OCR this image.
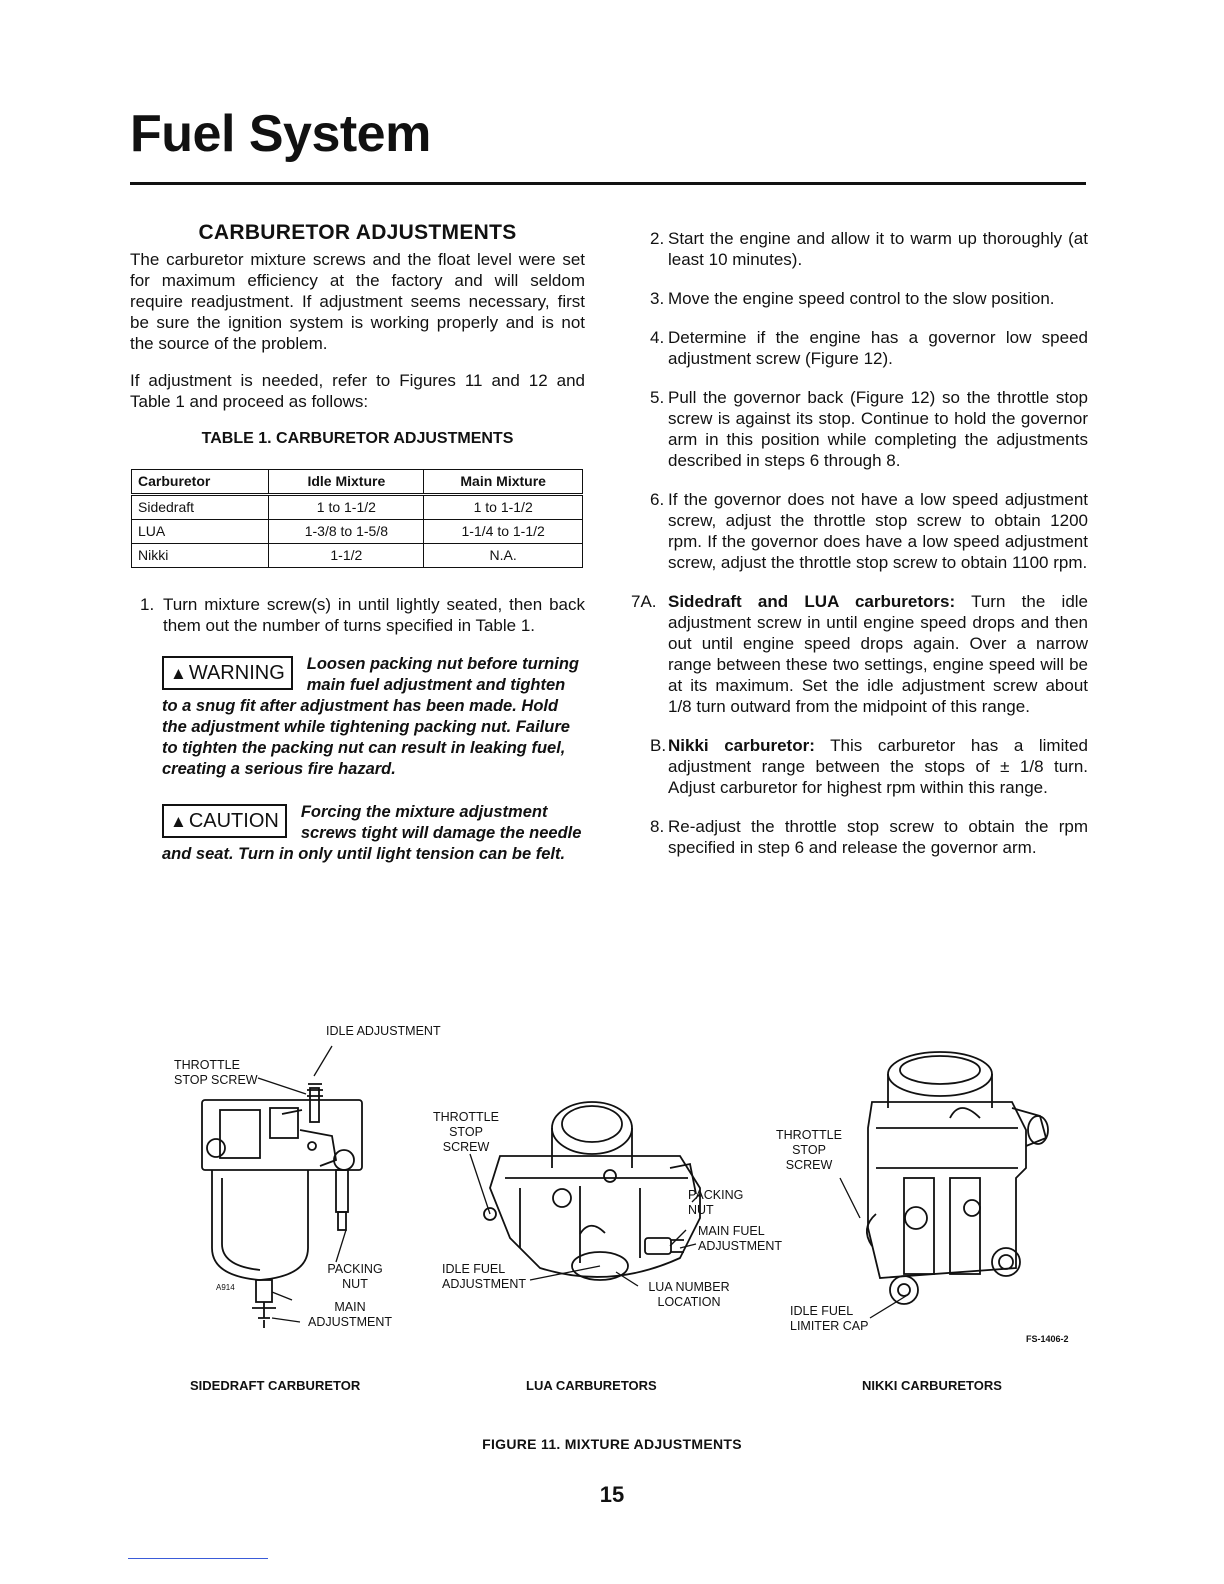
Fuel System
CARBURETOR ADJUSTMENTS

The carburetor mixture screws and the float level were set for maximum efficiency at the factory and will seldom require readjustment. If adjustment seems necessary, first be sure the ignition system is working properly and is not the source of the problem.

If adjustment is needed, refer to Figures 11 and 12 and Table 1 and proceed as follows:

TABLE 1. CARBURETOR ADJUSTMENTS
Carburetor	Idle Mixture	Main Mixture
Sidedraft	1 to 1-1/2	1 to 1-1/2
LUA	1-3/8 to 1-5/8	1-1/4 to 1-1/2
Nikki	1-1/2	N.A.
1. Turn mixture screw(s) in until lightly seated, then back them out the number of turns specified in Table 1.
▲ WARNING	Loosen packing nut before turning main fuel adjustment and tighten to a snug fit after adjustment has been made. Hold the adjustment while tightening packing nut. Failure to tighten the packing nut can result in leaking fuel, creating a serious fire hazard.
▲ CAUTION	Forcing the mixture adjustment screws tight will damage the needle and seat. Turn in only until light tension can be felt.
2. Start the engine and allow it to warm up thoroughly (at least 10 minutes).
3. Move the engine speed control to the slow position.
4. Determine if the engine has a governor low speed adjustment screw (Figure 12).
5. Pull the governor back (Figure 12) so the throttle stop screw is against its stop. Continue to hold the governor arm in this position while completing the adjustments described in steps 6 through 8.
6. If the governor does not have a low speed adjustment screw, adjust the throttle stop screw to obtain 1200 rpm. If the governor does have a low speed adjustment screw, adjust the throttle stop screw to obtain 1100 rpm.
7A. Sidedraft and LUA carburetors: Turn the idle adjustment screw in until engine speed drops and then out until engine speed drops again. Over a narrow range between these two settings, engine speed will be at its maximum. Set the idle adjustment screw about 1/8 turn outward from the midpoint of this range.
B. Nikki carburetor: This carburetor has a limited adjustment range between the stops of ± 1/8 turn. Adjust carburetor for highest rpm within this range.
8. Re-adjust the throttle stop screw to obtain the rpm specified in step 6 and release the governor arm.
IDLE ADJUSTMENT
THROTTLE STOP SCREW
PACKING NUT
MAIN ADJUSTMENT
A914
THROTTLE STOP SCREW
PACKING NUT
MAIN FUEL ADJUSTMENT
IDLE FUEL ADJUSTMENT	LUA NUMBER LOCATION
THROTTLE STOP SCREW
IDLE FUEL LIMITER CAP
FS-1406-2
SIDEDRAFT CARBURETOR	LUA CARBURETORS	NIKKI CARBURETORS
FIGURE 11. MIXTURE ADJUSTMENTS
15
